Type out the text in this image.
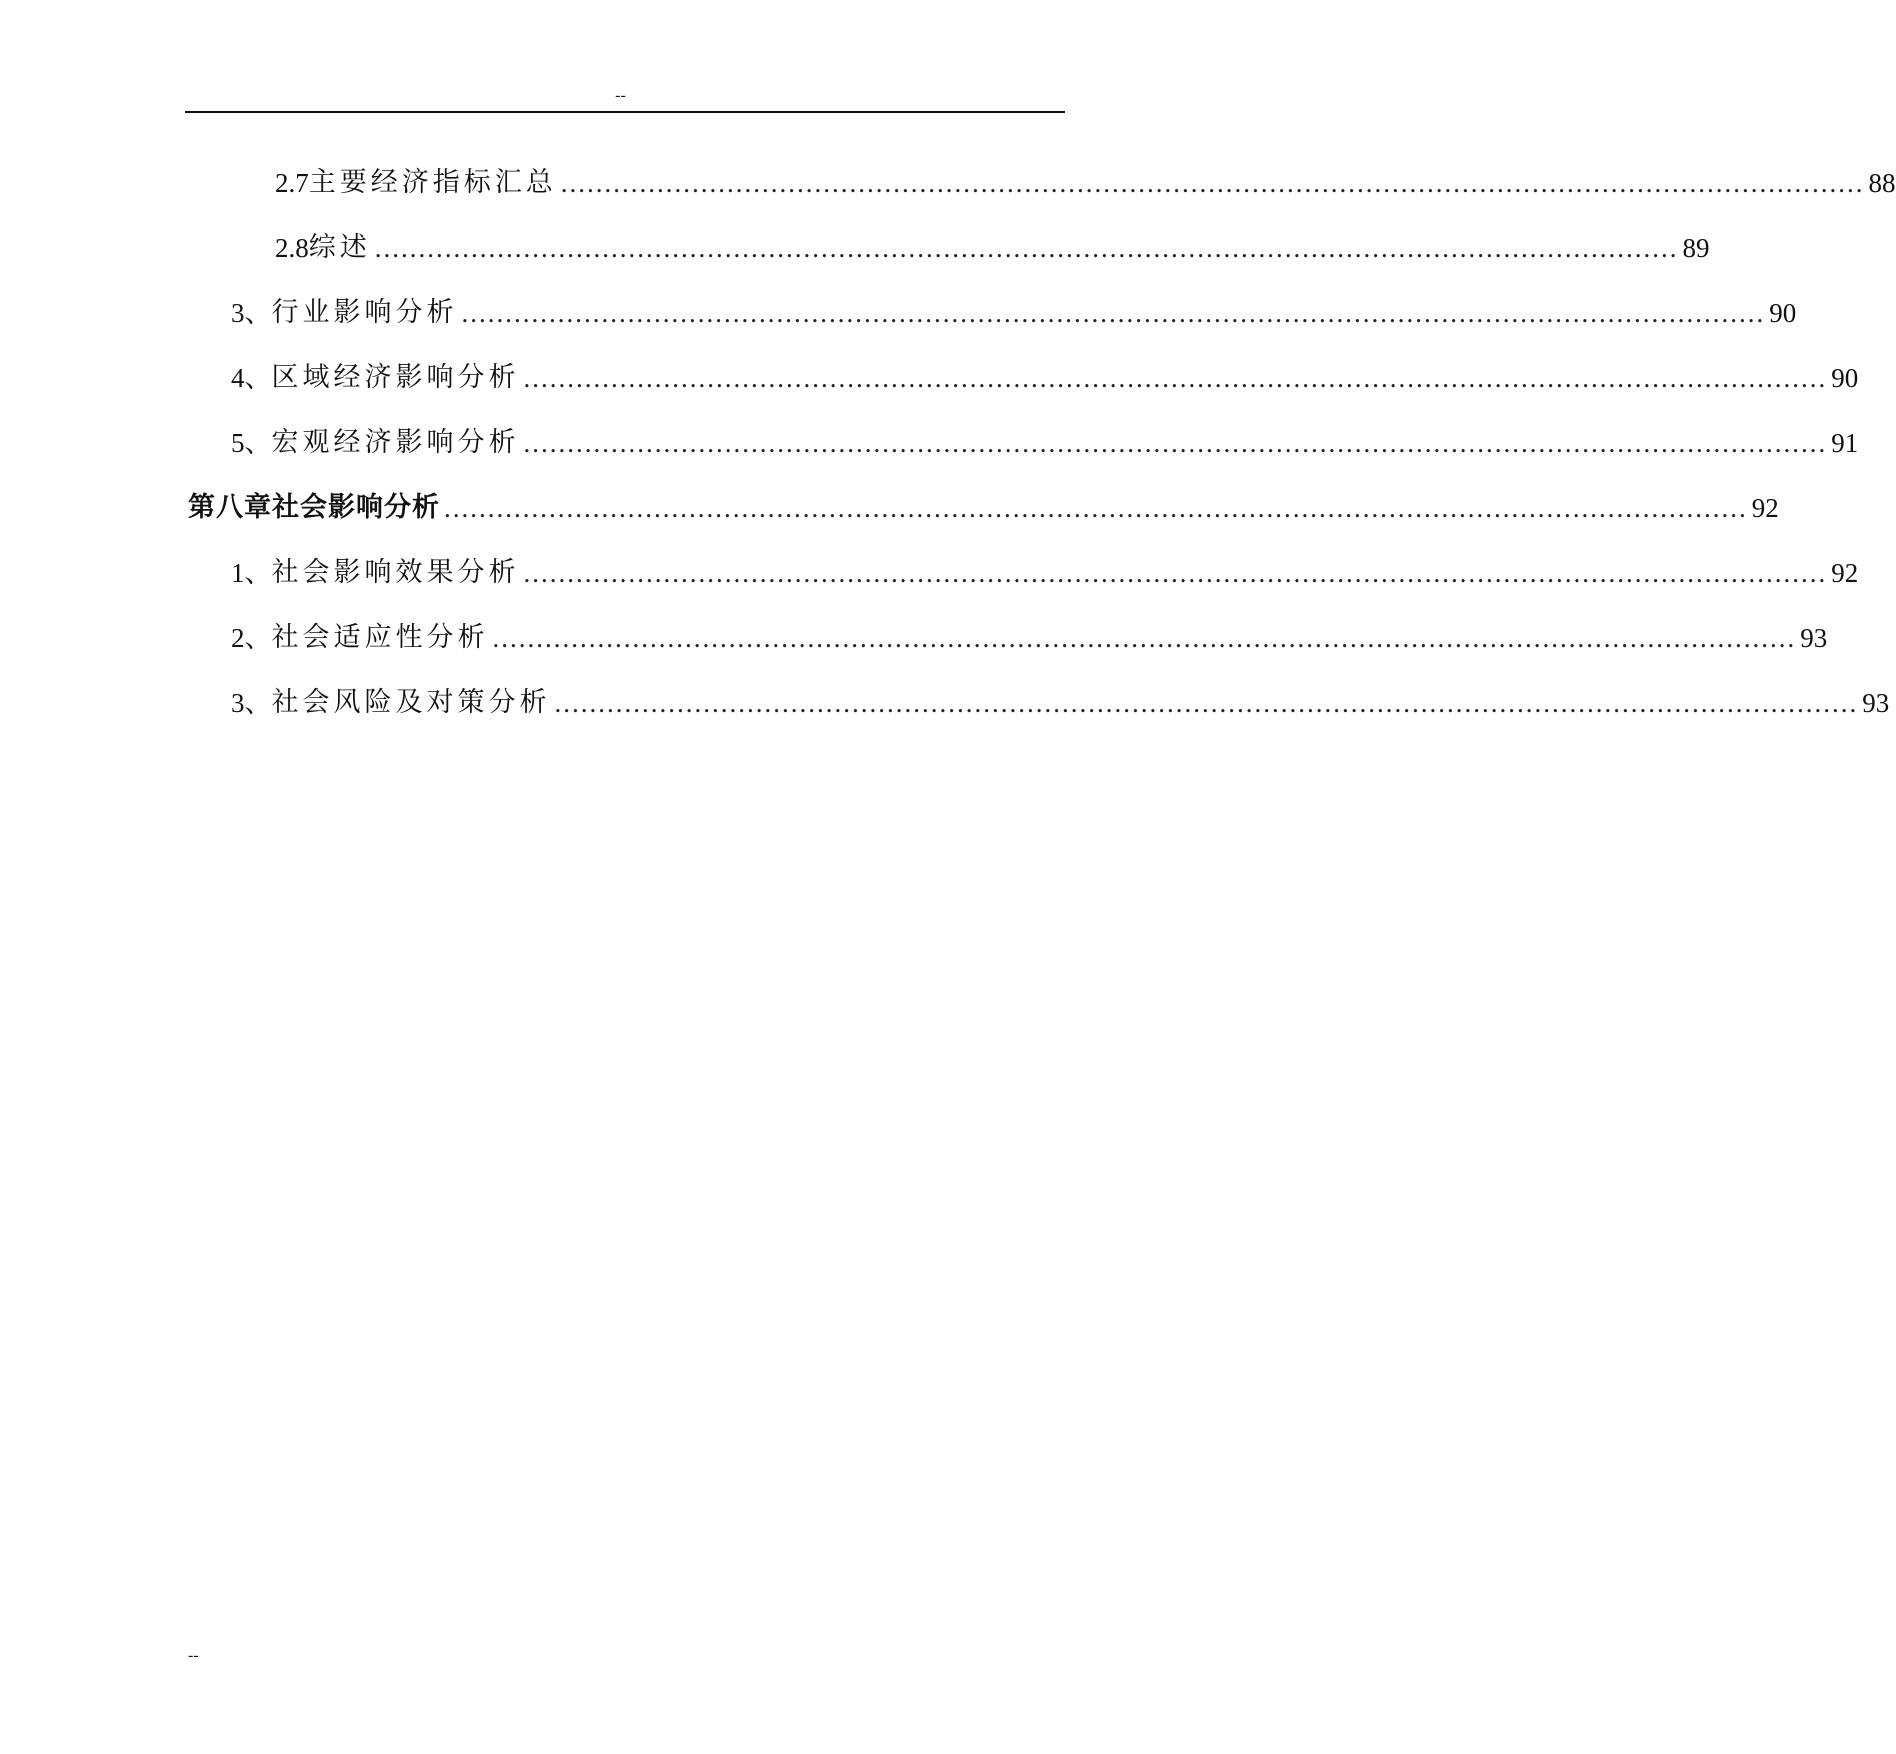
--
2.7 主要经济指标汇总 ..................................................................................................................................................... 88
2.8 综述 ..................................................................................................................................................... 89
3、 行业影响分析 ..................................................................................................................................................... 90
4、 区域经济影响分析 ..................................................................................................................................................... 90
5、 宏观经济影响分析 ..................................................................................................................................................... 91
第八章 社会影响分析 ..................................................................................................................................................... 92
1、 社会影响效果分析 ..................................................................................................................................................... 92
2、 社会适应性分析 ..................................................................................................................................................... 93
3、 社会风险及对策分析 ..................................................................................................................................................... 93
--
